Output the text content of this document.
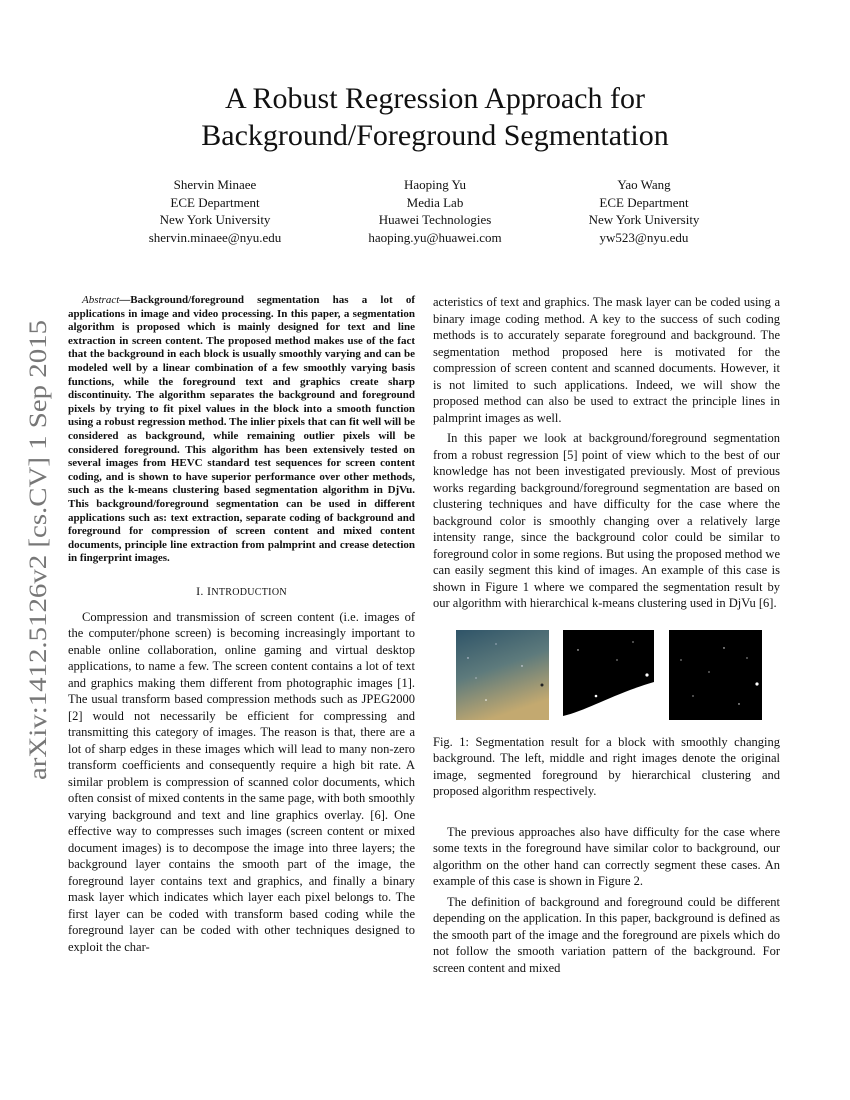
arXiv:1412.5126v2 [cs.CV] 1 Sep 2015
A Robust Regression Approach for
Background/Foreground Segmentation
Shervin Minaee
ECE Department
New York University
shervin.minaee@nyu.edu
Haoping Yu
Media Lab
Huawei Technologies
haoping.yu@huawei.com
Yao Wang
ECE Department
New York University
yw523@nyu.edu

Abstract—Background/foreground segmentation has a lot of applications in image and video processing. In this paper, a segmentation algorithm is proposed which is mainly designed for text and line extraction in screen content. The proposed method makes use of the fact that the background in each block is usually smoothly varying and can be modeled well by a linear combination of a few smoothly varying basis functions, while the foreground text and graphics create sharp discontinuity. The algorithm separates the background and foreground pixels by trying to fit pixel values in the block into a smooth function using a robust regression method. The inlier pixels that can fit well will be considered as background, while remaining outlier pixels will be considered foreground. This algorithm has been extensively tested on several images from HEVC standard test sequences for screen content coding, and is shown to have superior performance over other methods, such as the k-means clustering based segmentation algorithm in DjVu. This background/foreground segmentation can be used in different applications such as: text extraction, separate coding of background and foreground for compression of screen content and mixed content documents, principle line extraction from palmprint and crease detection in fingerprint images.

I. INTRODUCTION

Compression and transmission of screen content (i.e. images of the computer/phone screen) is becoming increasingly important to enable online collaboration, online gaming and virtual desktop applications, to name a few. The screen content contains a lot of text and graphics making them different from photographic images [1]. The usual transform based compression methods such as JPEG2000 [2] would not necessarily be efficient for compressing and transmitting this category of images. The reason is that, there are a lot of sharp edges in these images which will lead to many non-zero transform coefficients and consequently require a high bit rate. A similar problem is compression of scanned color documents, which often consist of mixed contents in the same page, with both smoothly varying background and text and line graphics overlay. [6]. One effective way to compresses such images (screen content or mixed document images) is to decompose the image into three layers; the background layer contains the smooth part of the image, the foreground layer contains text and graphics, and finally a binary mask layer which indicates which layer each pixel belongs to. The first layer can be coded with transform based coding while the foreground layer can be coded with other techniques designed to exploit the char-

acteristics of text and graphics. The mask layer can be coded using a binary image coding method. A key to the success of such coding methods is to accurately separate foreground and background. The segmentation method proposed here is motivated for the compression of screen content and scanned documents. However, it is not limited to such applications. Indeed, we will show the proposed method can also be used to extract the principle lines in palmprint images as well.

In this paper we look at background/foreground segmentation from a robust regression [5] point of view which to the best of our knowledge has not been investigated previously. Most of previous works regarding background/foreground segmentation are based on clustering techniques and have difficulty for the case where the background color is smoothly changing over a relatively large intensity range, since the background color could be similar to foreground color in some regions. But using the proposed method we can easily segment this kind of images. An example of this case is shown in Figure 1 where we compared the segmentation result by our algorithm with hierarchical k-means clustering used in DjVu [6].

Fig. 1: Segmentation result for a block with smoothly changing background. The left, middle and right images denote the original image, segmented foreground by hierarchical clustering and proposed algorithm respectively.

The previous approaches also have difficulty for the case where some texts in the foreground have similar color to background, our algorithm on the other hand can correctly segment these cases. An example of this case is shown in Figure 2.

The definition of background and foreground could be different depending on the application. In this paper, background is defined as the smooth part of the image and the foreground are pixels which do not follow the smooth variation pattern of the background. For screen content and mixed
